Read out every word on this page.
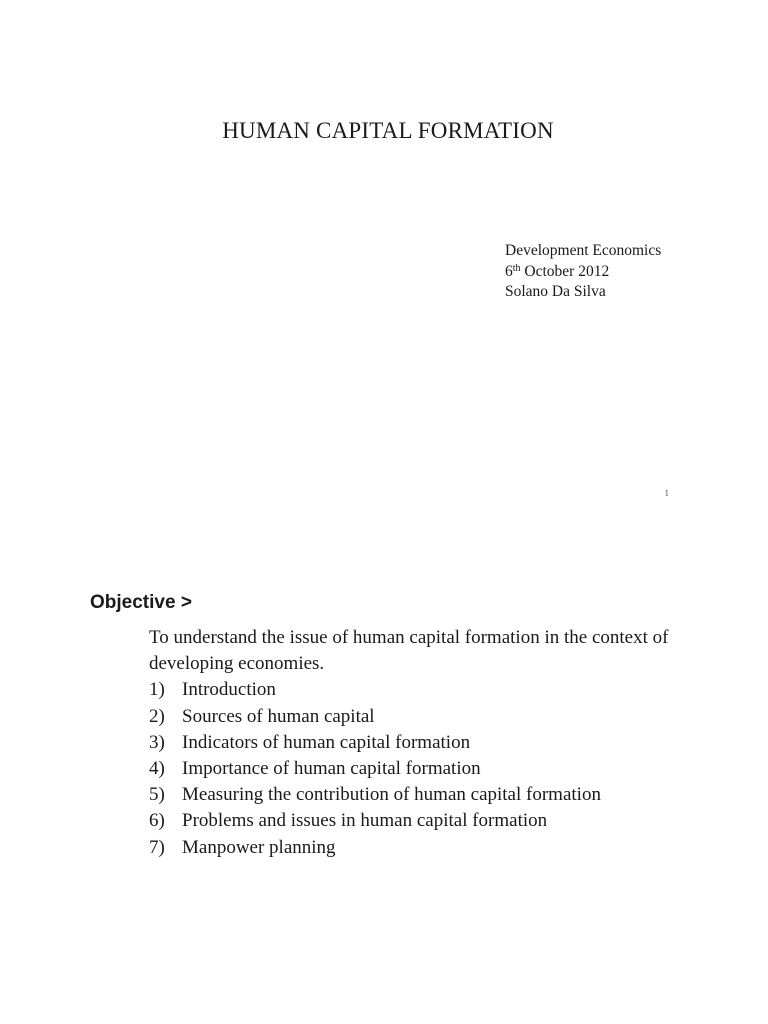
HUMAN CAPITAL FORMATION
Development Economics
6th October 2012
Solano Da Silva
1
Objective >

To understand the issue of human capital formation in the context of developing economies.

1) Introduction
2) Sources of human capital
3) Indicators of human capital formation
4) Importance of human capital formation
5) Measuring the contribution of human capital formation
6) Problems and issues in human capital formation
7) Manpower planning
